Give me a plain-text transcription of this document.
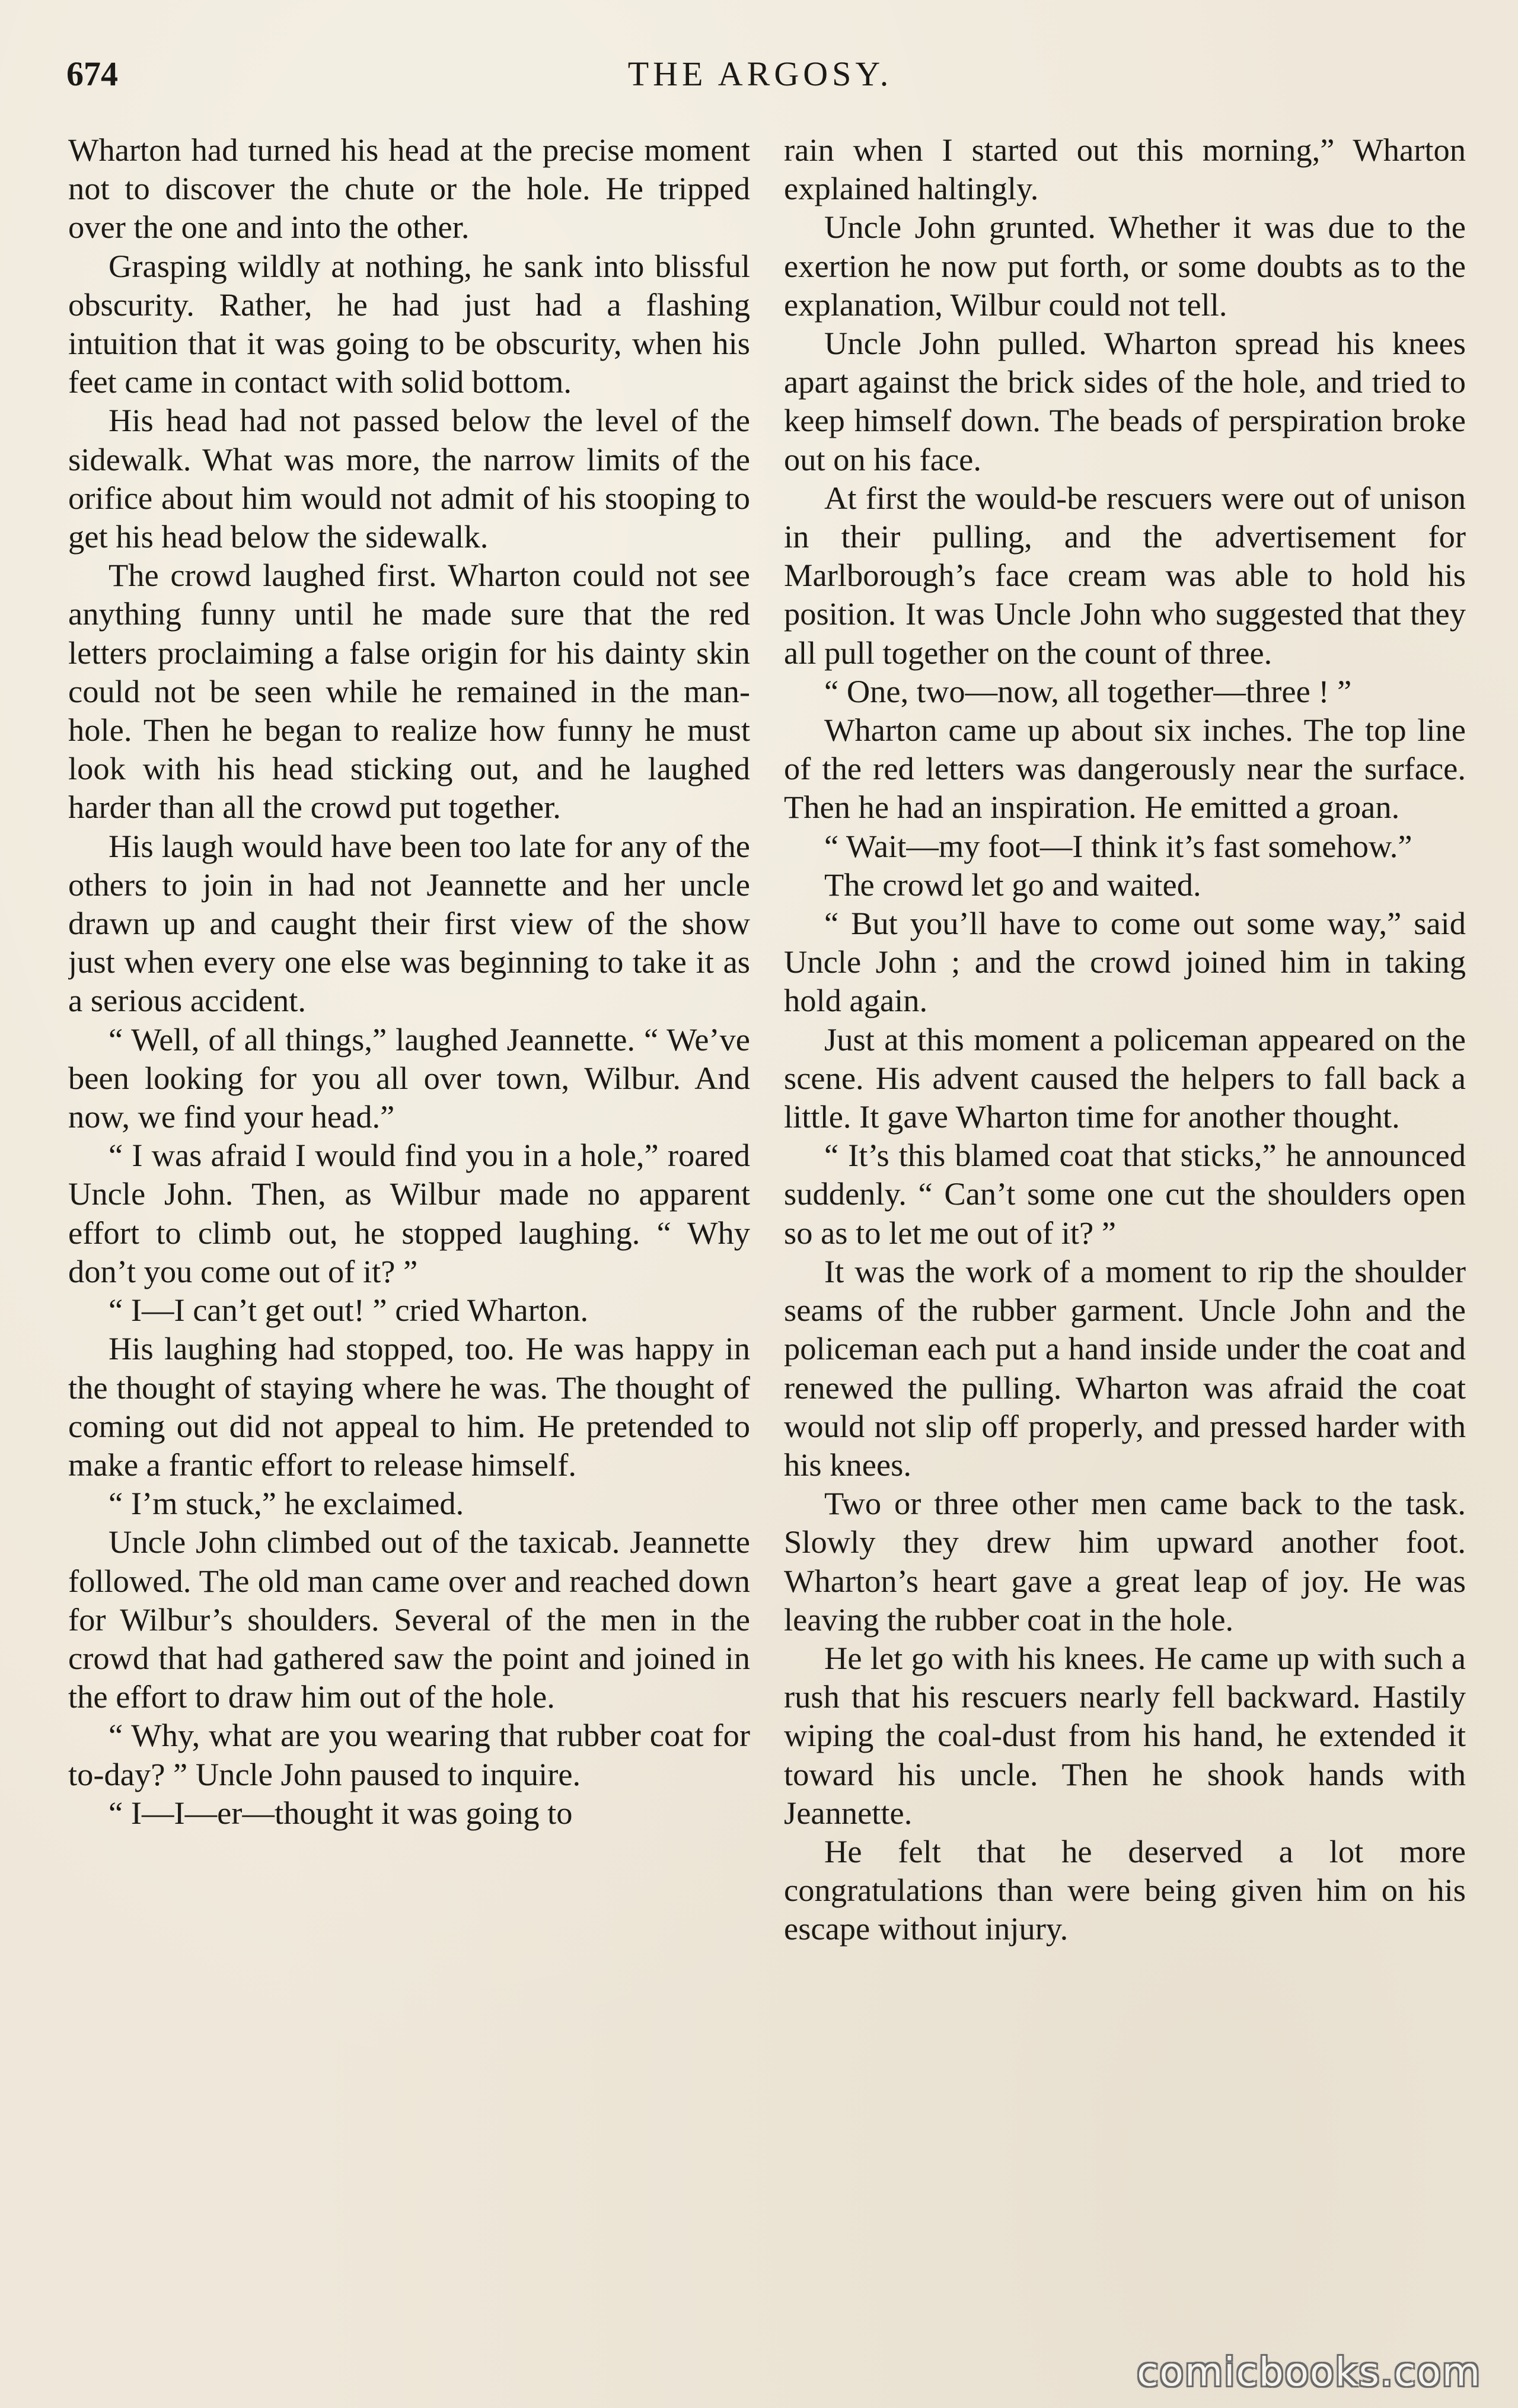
674	THE ARGOSY.

Wharton had turned his head at the precise moment not to discover the chute or the hole. He tripped over the one and into the other.

Grasping wildly at nothing, he sank into blissful obscurity. Rather, he had just had a flashing intuition that it was going to be obscurity, when his feet came in contact with solid bottom.

His head had not passed below the level of the sidewalk. What was more, the narrow limits of the orifice about him would not admit of his stooping to get his head below the sidewalk.

The crowd laughed first. Wharton could not see anything funny until he made sure that the red letters proclaiming a false origin for his dainty skin could not be seen while he remained in the man-hole. Then he began to realize how funny he must look with his head sticking out, and he laughed harder than all the crowd put together.

His laugh would have been too late for any of the others to join in had not Jeannette and her uncle drawn up and caught their first view of the show just when every one else was beginning to take it as a serious accident.

“ Well, of all things,” laughed Jeannette. “ We’ve been looking for you all over town, Wilbur. And now, we find your head.”

“ I was afraid I would find you in a hole,” roared Uncle John. Then, as Wilbur made no apparent effort to climb out, he stopped laughing. “ Why don’t you come out of it? ”

“ I—I can’t get out! ” cried Wharton.

His laughing had stopped, too. He was happy in the thought of staying where he was. The thought of coming out did not appeal to him. He pretended to make a frantic effort to release himself.

“ I’m stuck,” he exclaimed.

Uncle John climbed out of the taxicab. Jeannette followed. The old man came over and reached down for Wilbur’s shoulders. Several of the men in the crowd that had gathered saw the point and joined in the effort to draw him out of the hole.

“ Why, what are you wearing that rubber coat for to-day? ” Uncle John paused to inquire.

“ I—I—er—thought it was going to

rain when I started out this morning,” Wharton explained haltingly.

Uncle John grunted. Whether it was due to the exertion he now put forth, or some doubts as to the explanation, Wilbur could not tell.

Uncle John pulled. Wharton spread his knees apart against the brick sides of the hole, and tried to keep himself down. The beads of perspiration broke out on his face.

At first the would-be rescuers were out of unison in their pulling, and the advertisement for Marlborough’s face cream was able to hold his position. It was Uncle John who suggested that they all pull together on the count of three.

“ One, two—now, all together—three ! ”

Wharton came up about six inches. The top line of the red letters was dangerously near the surface. Then he had an inspiration. He emitted a groan.

“ Wait—my foot—I think it’s fast somehow.”

The crowd let go and waited.

“ But you’ll have to come out some way,” said Uncle John ; and the crowd joined him in taking hold again.

Just at this moment a policeman appeared on the scene. His advent caused the helpers to fall back a little. It gave Wharton time for another thought.

“ It’s this blamed coat that sticks,” he announced suddenly. “ Can’t some one cut the shoulders open so as to let me out of it? ”

It was the work of a moment to rip the shoulder seams of the rubber garment. Uncle John and the policeman each put a hand inside under the coat and renewed the pulling. Wharton was afraid the coat would not slip off properly, and pressed harder with his knees.

Two or three other men came back to the task. Slowly they drew him upward another foot. Wharton’s heart gave a great leap of joy. He was leaving the rubber coat in the hole.

He let go with his knees. He came up with such a rush that his rescuers nearly fell backward. Hastily wiping the coal-dust from his hand, he extended it toward his uncle. Then he shook hands with Jeannette.

He felt that he deserved a lot more congratulations than were being given him on his escape without injury.

comicbooks.com
